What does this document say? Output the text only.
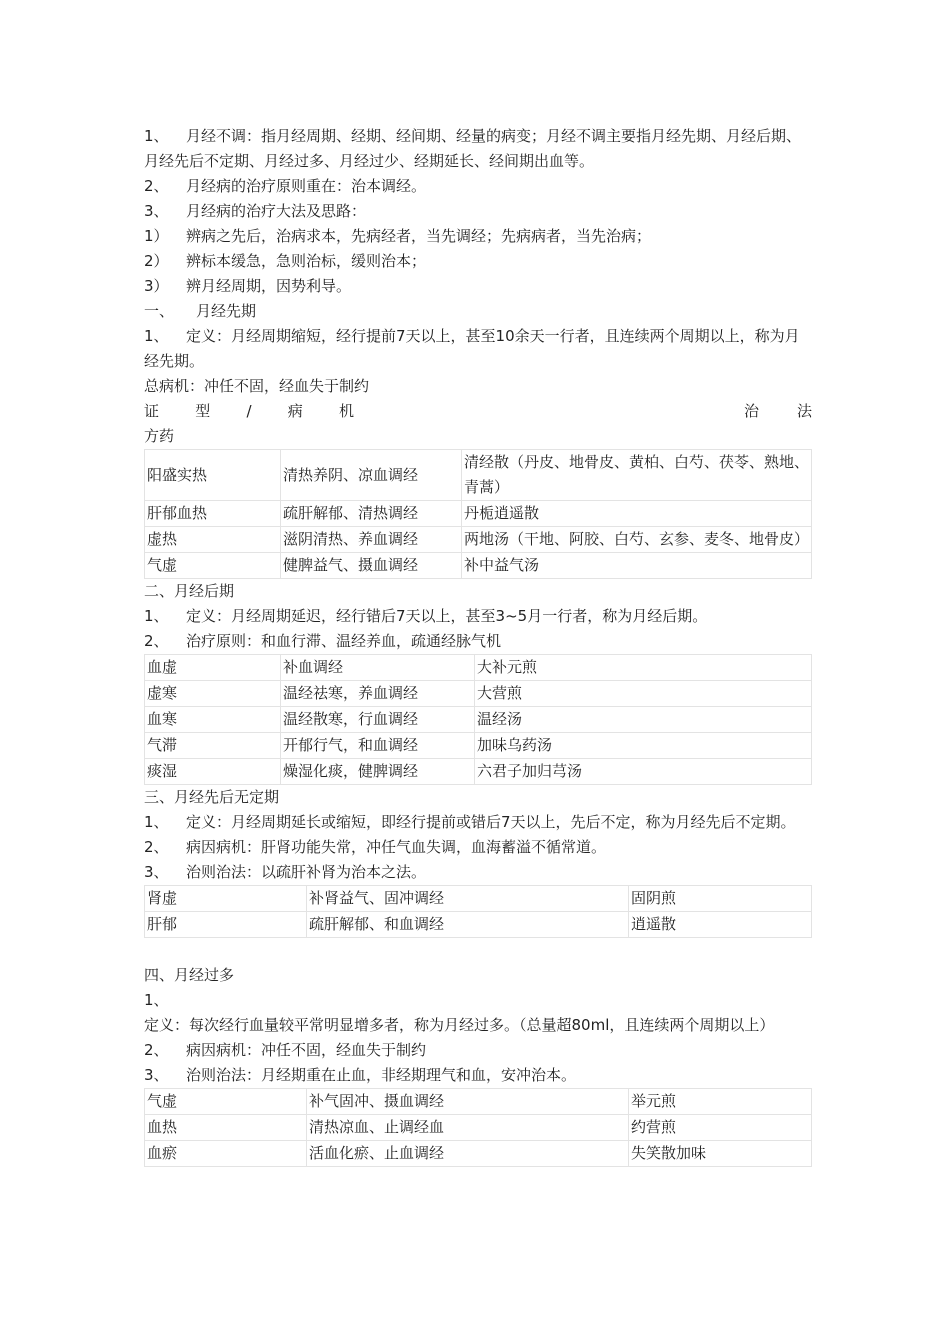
1、 月经不调：指月经周期、经期、经间期、经量的病变；月经不调主要指月经先期、月经后期、月经先后不定期、月经过多、月经过少、经期延长、经间期出血等。

2、 月经病的治疗原则重在：治本调经。

3、 月经病的治疗大法及思路：

1） 辨病之先后，治病求本，先病经者，当先调经；先病病者，当先治病；

2） 辨标本缓急，急则治标，缓则治本；

3） 辨月经周期，因势利导。

一、 月经先期

1、 定义：月经周期缩短，经行提前7天以上，甚至10余天一行者，且连续两个周期以上，称为月经先期。

总病机：冲任不固，经血失于制约

证 型 / 病 机	治	法

方药

阳盛实热	清热养阴、凉血调经	清经散（丹皮、地骨皮、黄柏、白芍、茯苓、熟地、青蒿）
肝郁血热	疏肝解郁、清热调经	丹栀逍遥散
虚热	滋阴清热、养血调经	两地汤（干地、阿胶、白芍、玄参、麦冬、地骨皮）
气虚	健脾益气、摄血调经	补中益气汤

二、月经后期

1、 定义：月经周期延迟，经行错后7天以上，甚至3~5月一行者，称为月经后期。

2、 治疗原则：和血行滞、温经养血，疏通经脉气机

血虚	补血调经	大补元煎
虚寒	温经祛寒，养血调经	大营煎
血寒	温经散寒，行血调经	温经汤
气滞	开郁行气，和血调经	加味乌药汤
痰湿	燥湿化痰，健脾调经	六君子加归芎汤

三、月经先后无定期

1、 定义：月经周期延长或缩短，即经行提前或错后7天以上，先后不定，称为月经先后不定期。

2、 病因病机：肝肾功能失常，冲任气血失调，血海蓄溢不循常道。

3、 治则治法：以疏肝补肾为治本之法。

肾虚	补肾益气、固冲调经	固阴煎
肝郁	疏肝解郁、和血调经	逍遥散

四、月经过多

1、定义：每次经行血量较平常明显增多者，称为月经过多。（总量超80ml，且连续两个周期以上）

2、 病因病机：冲任不固，经血失于制约

3、 治则治法：月经期重在止血，非经期理气和血，安冲治本。

气虚	补气固冲、摄血调经	举元煎
血热	清热凉血、止调经血	约营煎
血瘀	活血化瘀、止血调经	失笑散加味
